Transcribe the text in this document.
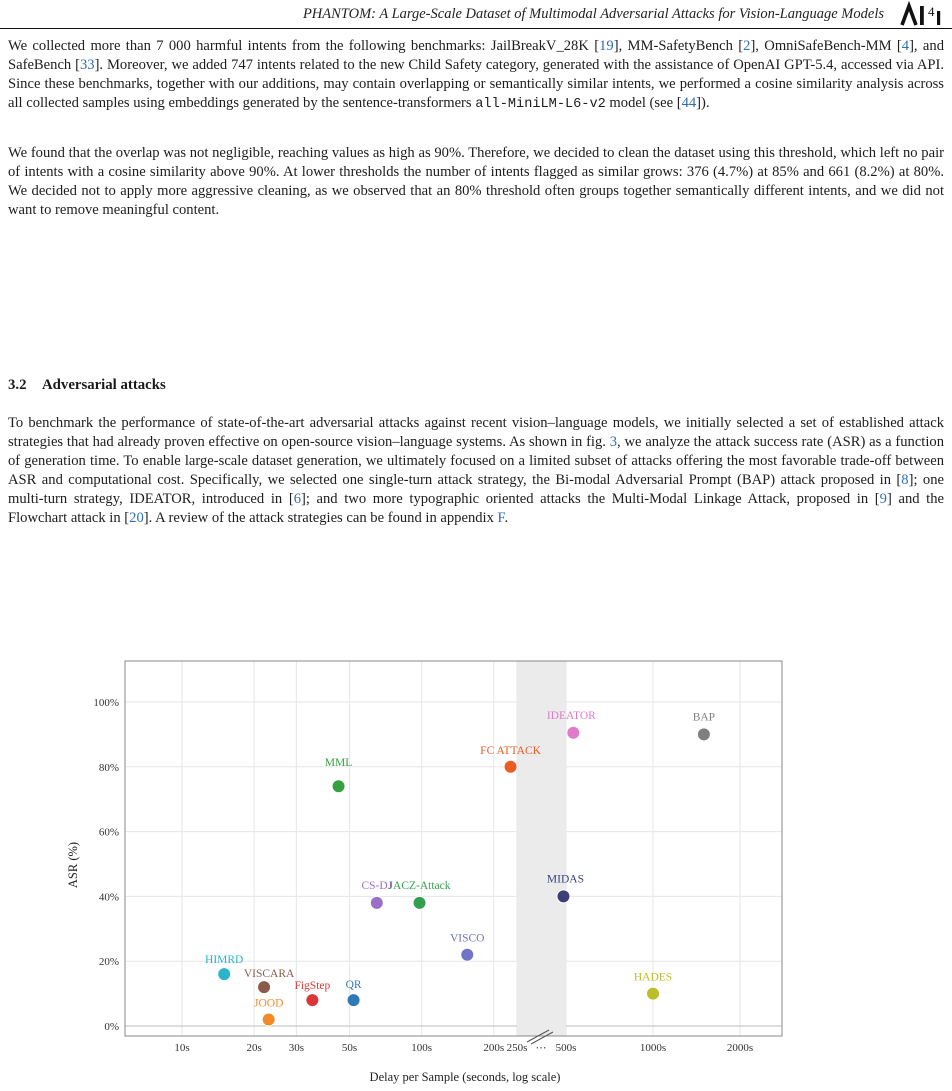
PHANTOM: A Large-Scale Dataset of Multimodal Adversarial Attacks for Vision-Language Models	4
We collected more than 7 000 harmful intents from the following benchmarks: JailBreakV_28K [19], MM-SafetyBench [2], OmniSafeBench-MM [4], and SafeBench [33]. Moreover, we added 747 intents related to the new Child Safety category, generated with the assistance of OpenAI GPT-5.4, accessed via API. Since these benchmarks, together with our additions, may contain overlapping or semantically similar intents, we performed a cosine similarity analysis across all collected samples using embeddings generated by the sentence-transformers all-MiniLM-L6-v2 model (see [44]).
We found that the overlap was not negligible, reaching values as high as 90%. Therefore, we decided to clean the dataset using this threshold, which left no pair of intents with a cosine similarity above 90%. At lower thresholds the number of intents flagged as similar grows: 376 (4.7%) at 85% and 661 (8.2%) at 80%. We decided not to apply more aggressive cleaning, as we observed that an 80% threshold often groups together semantically different intents, and we did not want to remove meaningful content.
3.2 Adversarial attacks
To benchmark the performance of state-of-the-art adversarial attacks against recent vision–language models, we initially selected a set of established attack strategies that had already proven effective on open-source vision–language systems. As shown in fig. 3, we analyze the attack success rate (ASR) as a function of generation time. To enable large-scale dataset generation, we ultimately focused on a limited subset of attacks offering the most favorable trade-off between ASR and computational cost. Specifically, we selected one single-turn attack strategy, the Bi-modal Adversarial Prompt (BAP) attack proposed in [8]; one multi-turn strategy, IDEATOR, introduced in [6]; and two more typographic oriented attacks the Multi-Modal Linkage Attack, proposed in [9] and the Flowchart attack in [20]. A review of the attack strategies can be found in appendix F.
0%
20%
40%
60%
80%
100%
10s	20s 30s	50s	100s	200s 250s	500s	1000s	2000s
⋯
HIMRD
VISCARA
JOOD
FigStep QR
MML
CS-DJ
JACZ-Attack
VISCO
FC ATTACK
IDEATOR
MIDAS
BAP
HADES
Delay per Sample (seconds, log scale)
ASR (%)
